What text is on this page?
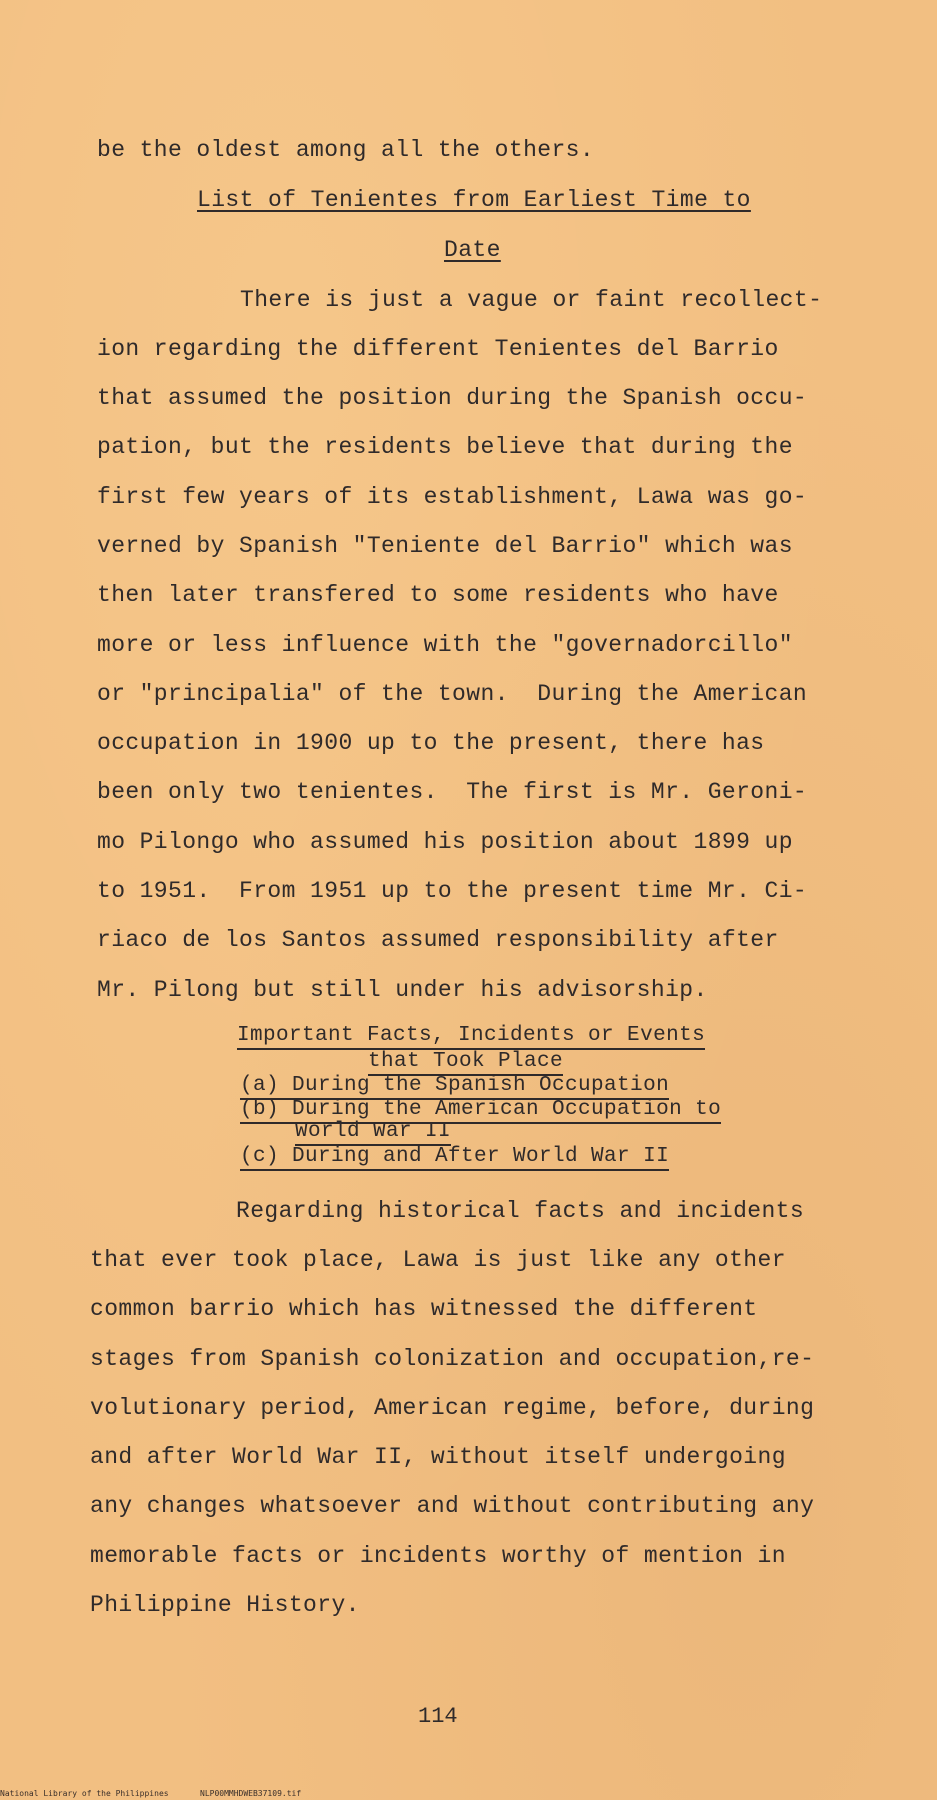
be the oldest among all the others.
List of Tenientes from Earliest Time to
Date
There is just a vague or faint recollect-
ion regarding the different Tenientes del Barrio
that assumed the position during the Spanish occu-
pation, but the residents believe that during the
first few years of its establishment, Lawa was go-
verned by Spanish "Teniente del Barrio" which was
then later transfered to some residents who have
more or less influence with the "governadorcillo"
or "principalia" of the town.  During the American
occupation in 1900 up to the present, there has
been only two tenientes.  The first is Mr. Geroni-
mo Pilongo who assumed his position about 1899 up
to 1951.  From 1951 up to the present time Mr. Ci-
riaco de los Santos assumed responsibility after
Mr. Pilong but still under his advisorship.
Important Facts, Incidents or Events
that Took Place
(a) During the Spanish Occupation
(b) During the American Occupation to
World War II
(c) During and After World War II
Regarding historical facts and incidents
that ever took place, Lawa is just like any other
common barrio which has witnessed the different
stages from Spanish colonization and occupation,re-
volutionary period, American regime, before, during
and after World War II, without itself undergoing
any changes whatsoever and without contributing any
memorable facts or incidents worthy of mention in
Philippine History.
114
National Library of the Philippines	NLP00MMHDWEB37109.tif
